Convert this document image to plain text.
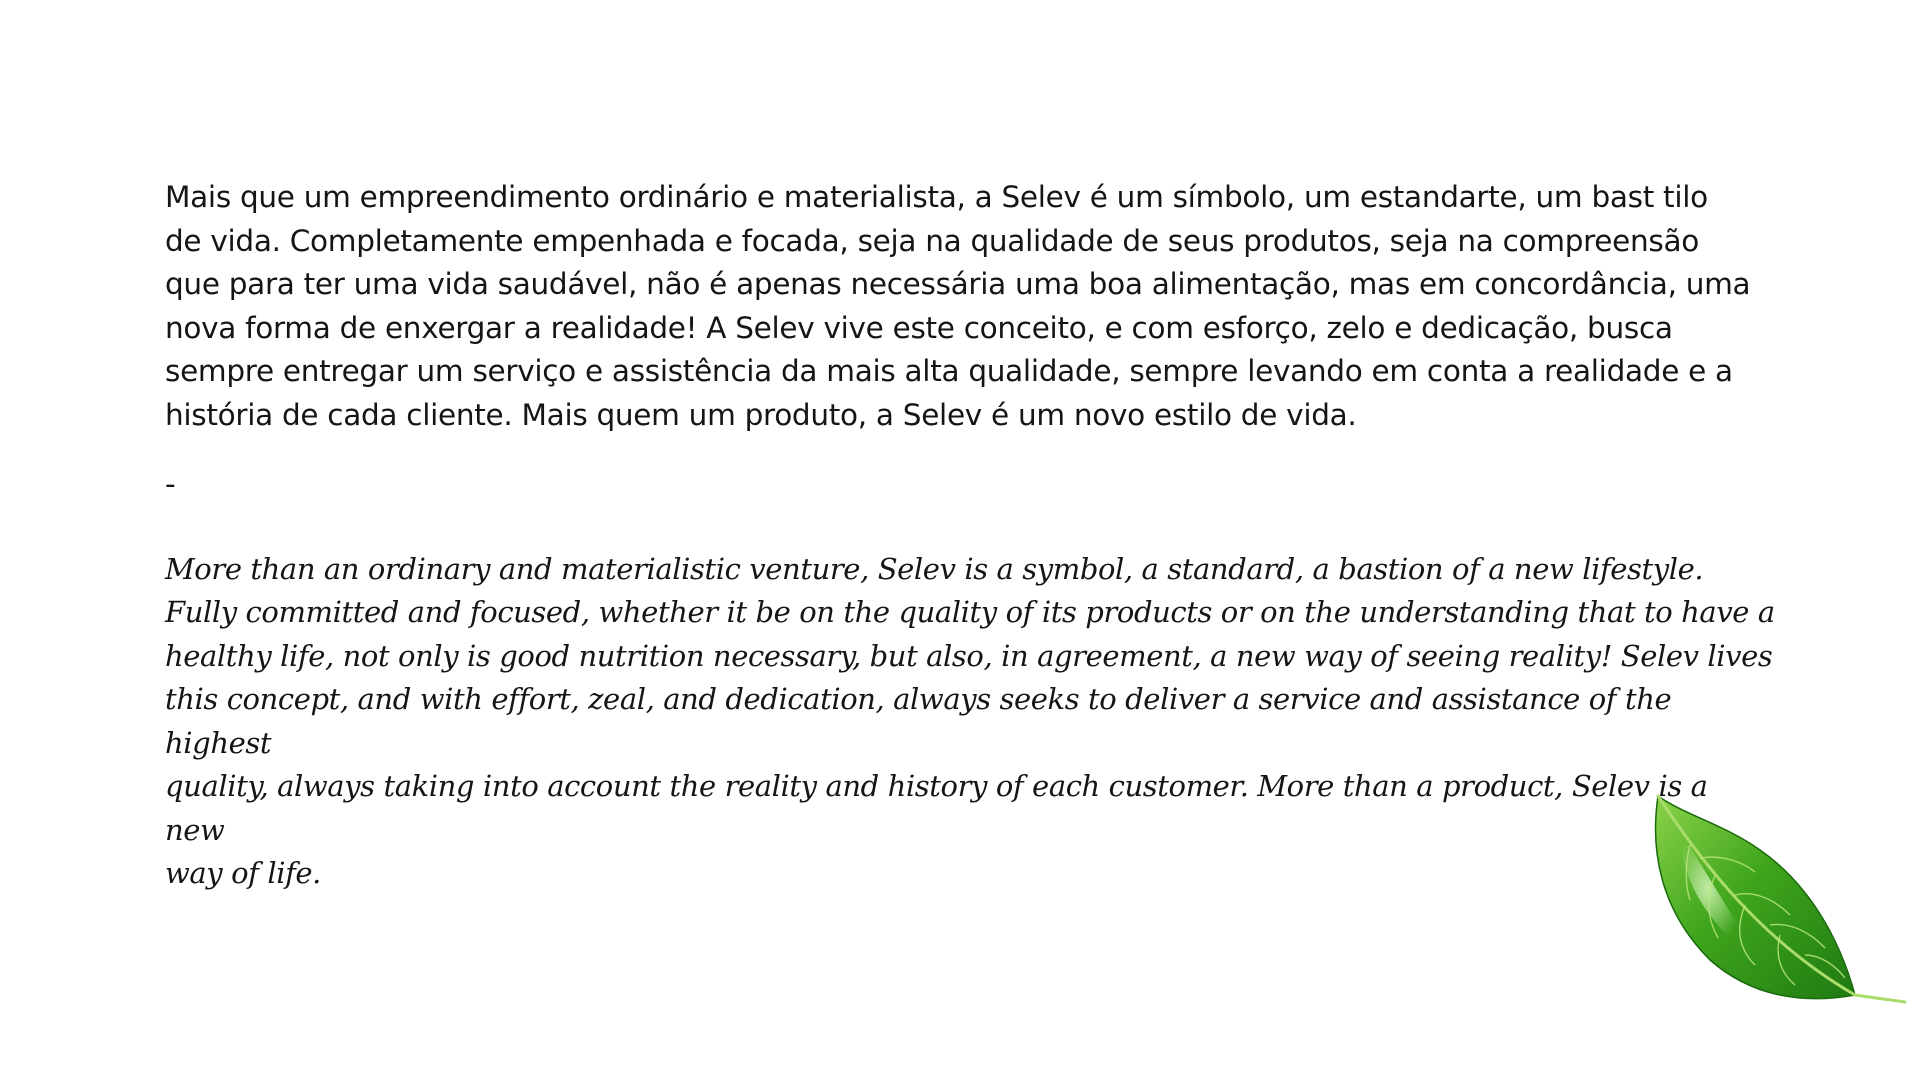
Mais que um empreendimento ordinário e materialista, a Selev é um símbolo, um estandarte, um bast tilo
de vida. Completamente empenhada e focada, seja na qualidade de seus produtos, seja na compreensão
que para ter uma vida saudável, não é apenas necessária uma boa alimentação, mas em concordância, uma
nova forma de enxergar a realidade! A Selev vive este conceito, e com esforço, zelo e dedicação, busca
sempre entregar um serviço e assistência da mais alta qualidade, sempre levando em conta a realidade e a
história de cada cliente. Mais quem um produto, a Selev é um novo estilo de vida.

-

More than an ordinary and materialistic venture, Selev is a symbol, a standard, a bastion of a new lifestyle.
Fully committed and focused, whether it be on the quality of its products or on the understanding that to have a
healthy life, not only is good nutrition necessary, but also, in agreement, a new way of seeing reality! Selev lives
this concept, and with effort, zeal, and dedication, always seeks to deliver a service and assistance of the highest
quality, always taking into account the reality and history of each customer. More than a product, Selev is a new
way of life.
